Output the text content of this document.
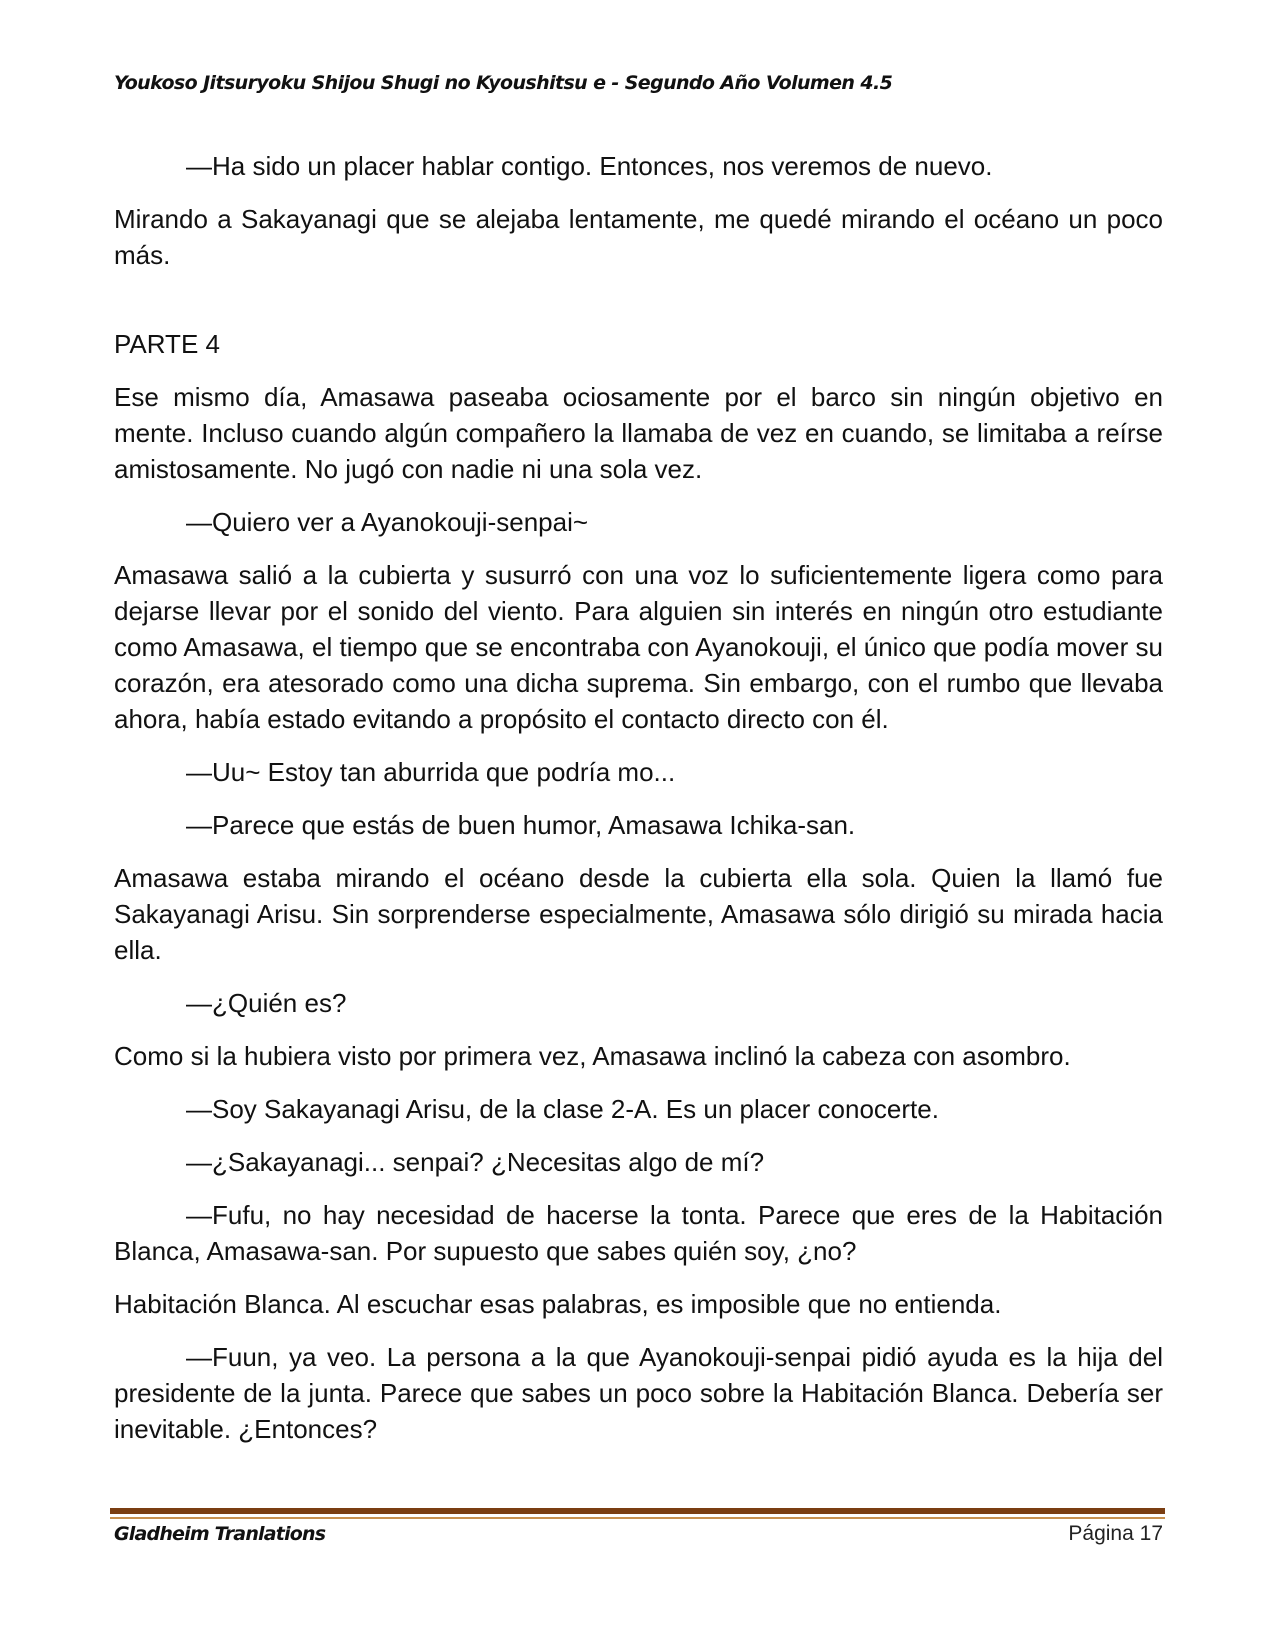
Youkoso Jitsuryoku Shijou Shugi no Kyoushitsu e - Segundo Año Volumen 4.5

—Ha sido un placer hablar contigo. Entonces, nos veremos de nuevo.

Mirando a Sakayanagi que se alejaba lentamente, me quedé mirando el océano un poco más.

PARTE 4

Ese mismo día, Amasawa paseaba ociosamente por el barco sin ningún objetivo en mente. Incluso cuando algún compañero la llamaba de vez en cuando, se limitaba a reírse amistosamente. No jugó con nadie ni una sola vez.

—Quiero ver a Ayanokouji-senpai~

Amasawa salió a la cubierta y susurró con una voz lo suficientemente ligera como para dejarse llevar por el sonido del viento. Para alguien sin interés en ningún otro estudiante como Amasawa, el tiempo que se encontraba con Ayanokouji, el único que podía mover su corazón, era atesorado como una dicha suprema. Sin embargo, con el rumbo que llevaba ahora, había estado evitando a propósito el contacto directo con él.

—Uu~ Estoy tan aburrida que podría mo...

—Parece que estás de buen humor, Amasawa Ichika-san.

Amasawa estaba mirando el océano desde la cubierta ella sola. Quien la llamó fue Sakayanagi Arisu. Sin sorprenderse especialmente, Amasawa sólo dirigió su mirada hacia ella.

—¿Quién es?

Como si la hubiera visto por primera vez, Amasawa inclinó la cabeza con asombro.

—Soy Sakayanagi Arisu, de la clase 2-A. Es un placer conocerte.

—¿Sakayanagi... senpai? ¿Necesitas algo de mí?

—Fufu, no hay necesidad de hacerse la tonta. Parece que eres de la Habitación Blanca, Amasawa-san. Por supuesto que sabes quién soy, ¿no?

Habitación Blanca. Al escuchar esas palabras, es imposible que no entienda.

—Fuun, ya veo. La persona a la que Ayanokouji-senpai pidió ayuda es la hija del presidente de la junta. Parece que sabes un poco sobre la Habitación Blanca. Debería ser inevitable. ¿Entonces?

Gladheim Tranlations	Página 17
